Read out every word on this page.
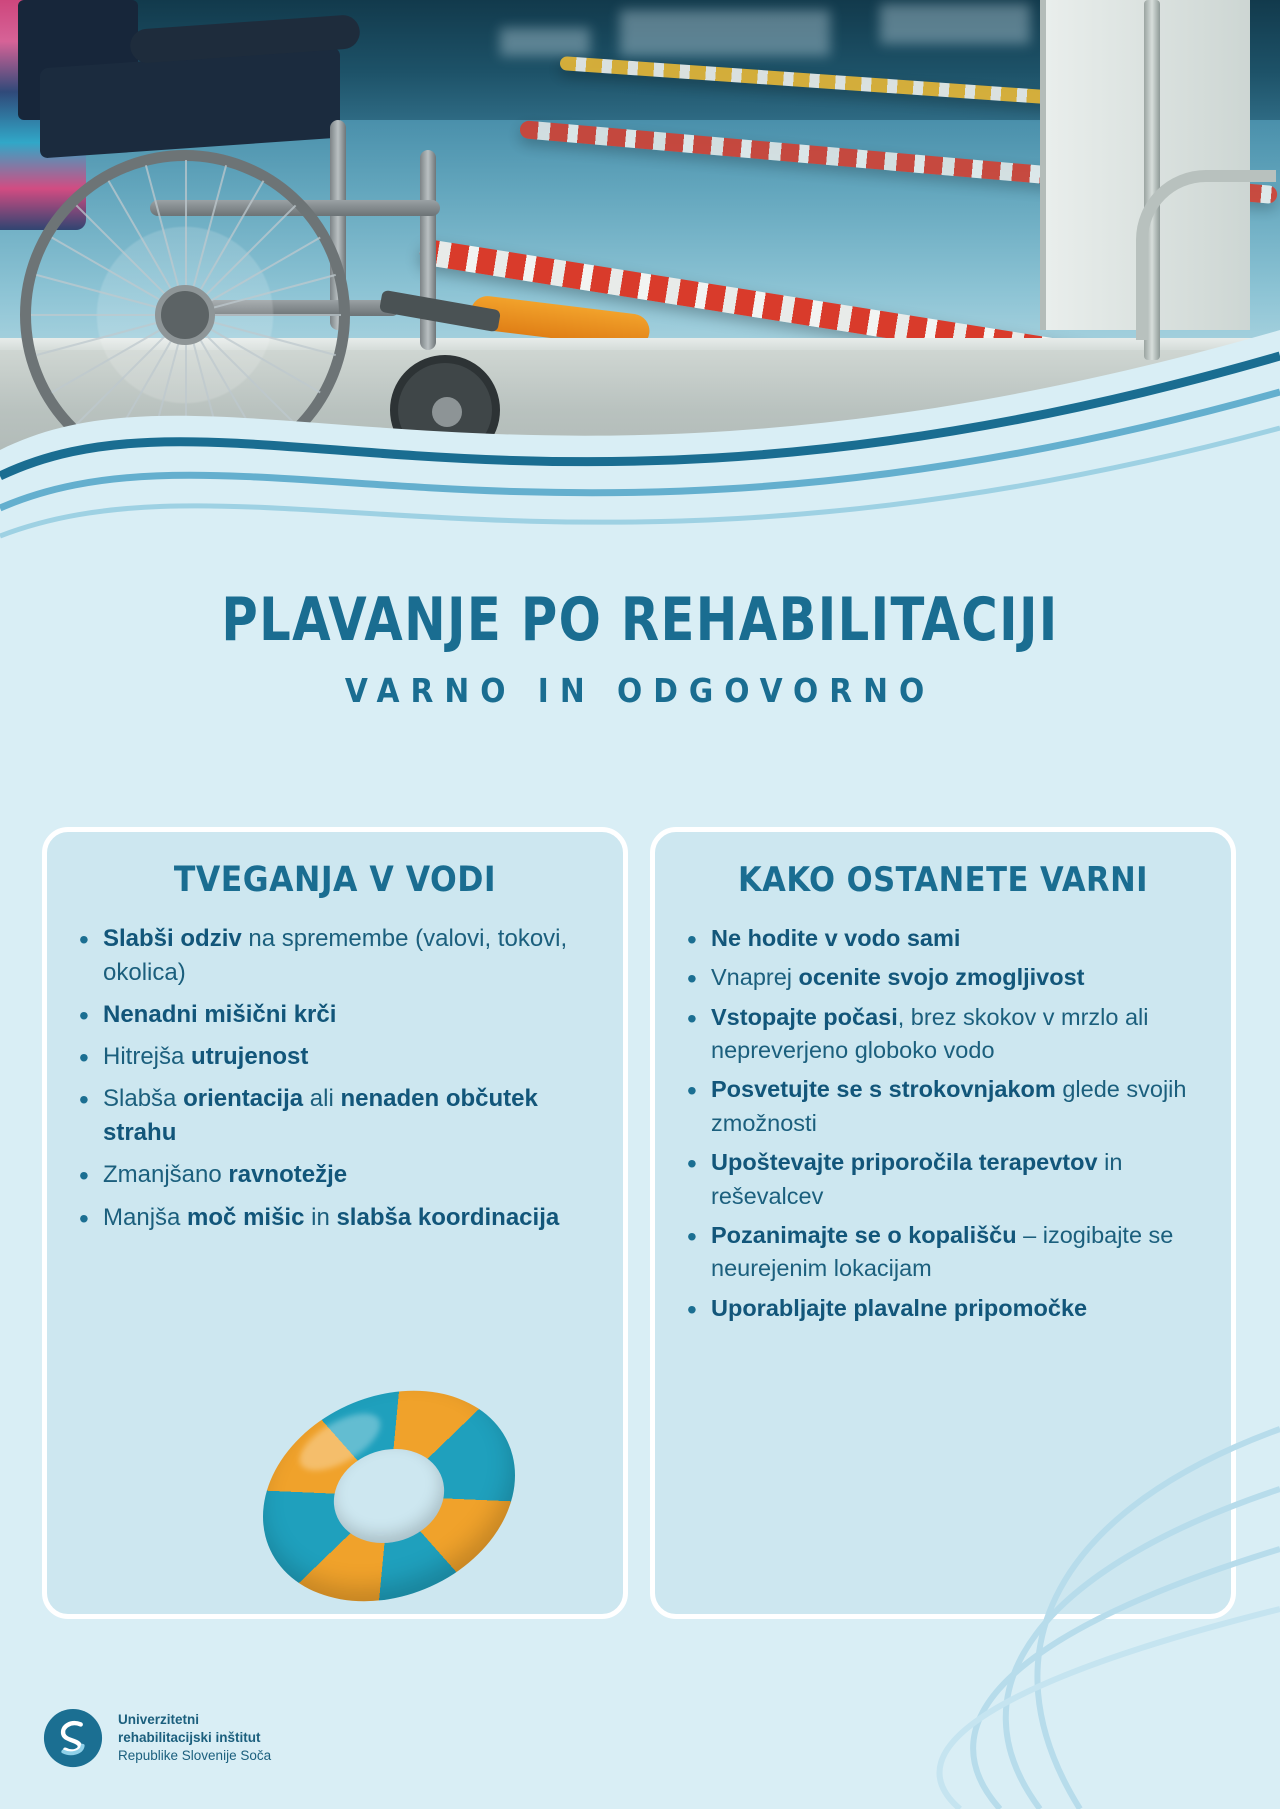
PLAVANJE PO REHABILITACIJI
VARNO IN ODGOVORNO
TVEGANJA V VODI
• Slabši odziv na spremembe (valovi, tokovi, okolica)
• Nenadni mišični krči
• Hitrejša utrujenost
• Slabša orientacija ali nenaden občutek strahu
• Zmanjšano ravnotežje
• Manjša moč mišic in slabša koordinacija
KAKO OSTANETE VARNI
• Ne hodite v vodo sami
• Vnaprej ocenite svojo zmogljivost
• Vstopajte počasi, brez skokov v mrzlo ali nepreverjeno globoko vodo
• Posvetujte se s strokovnjakom glede svojih zmožnosti
• Upoštevajte priporočila terapevtov in reševalcev
• Pozanimajte se o kopališču – izogibajte se neurejenim lokacijam
• Uporabljajte plavalne pripomočke
Univerzitetni
rehabilitacijski inštitut
Republike Slovenije Soča
